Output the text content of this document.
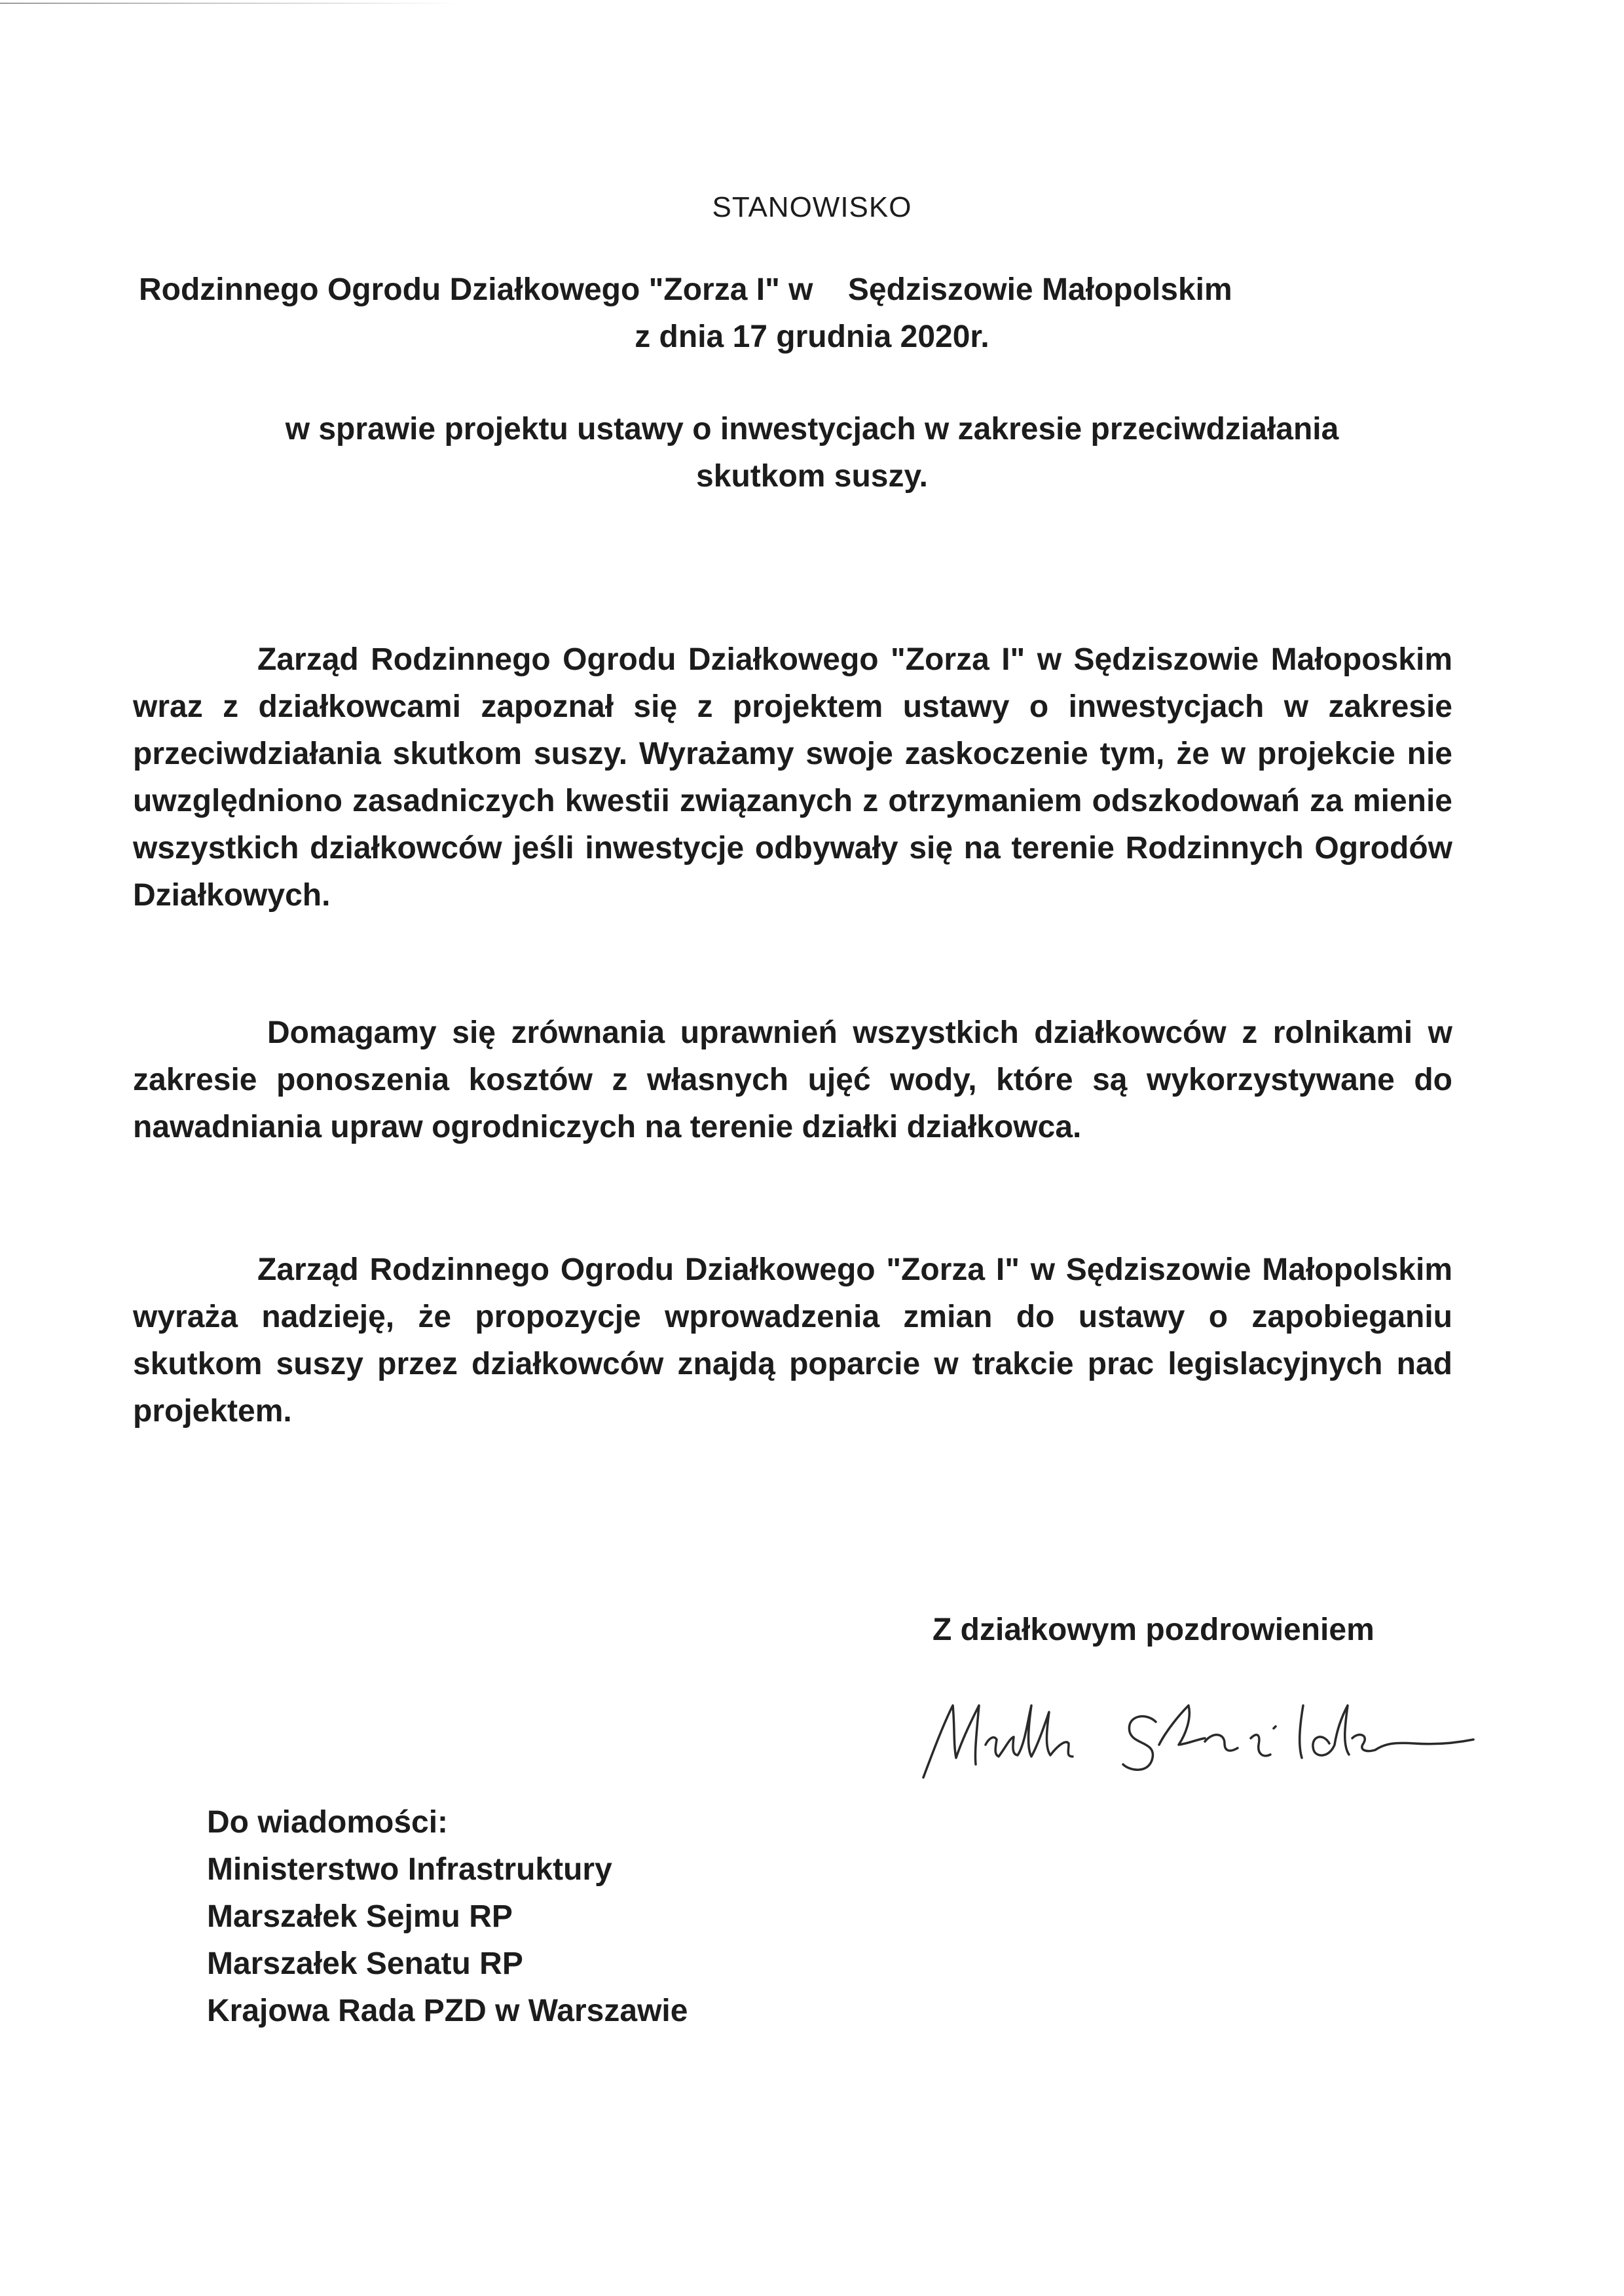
STANOWISKO

Rodzinnego Ogrodu Działkowego "Zorza I" w    Sędziszowie Małopolskim

z dnia 17 grudnia 2020r.

w sprawie projektu ustawy o inwestycjach w zakresie przeciwdziałania

skutkom suszy.

Zarząd Rodzinnego Ogrodu Działkowego "Zorza I" w Sędziszowie Małoposkim wraz z działkowcami zapoznał się z projektem ustawy o inwestycjach w zakresie przeciwdziałania skutkom suszy. Wyrażamy swoje zaskoczenie tym, że w projekcie nie uwzględniono zasadniczych kwestii związanych z otrzymaniem odszkodowań za mienie wszystkich działkowców jeśli inwestycje odbywały się na terenie Rodzinnych Ogrodów Działkowych.

Domagamy się zrównania uprawnień wszystkich działkowców z rolnikami w zakresie ponoszenia kosztów z własnych ujęć wody, które są wykorzystywane do nawadniania upraw ogrodniczych na terenie działki działkowca.

Zarząd Rodzinnego Ogrodu Działkowego "Zorza I" w Sędziszowie Małopolskim wyraża nadzieję, że propozycje wprowadzenia zmian do ustawy o zapobieganiu skutkom suszy przez działkowców znajdą poparcie w trakcie prac legislacyjnych nad projektem.

Z działkowym pozdrowieniem

Do wiadomości:
Ministerstwo Infrastruktury
Marszałek Sejmu RP
Marszałek Senatu RP
Krajowa Rada PZD w Warszawie
